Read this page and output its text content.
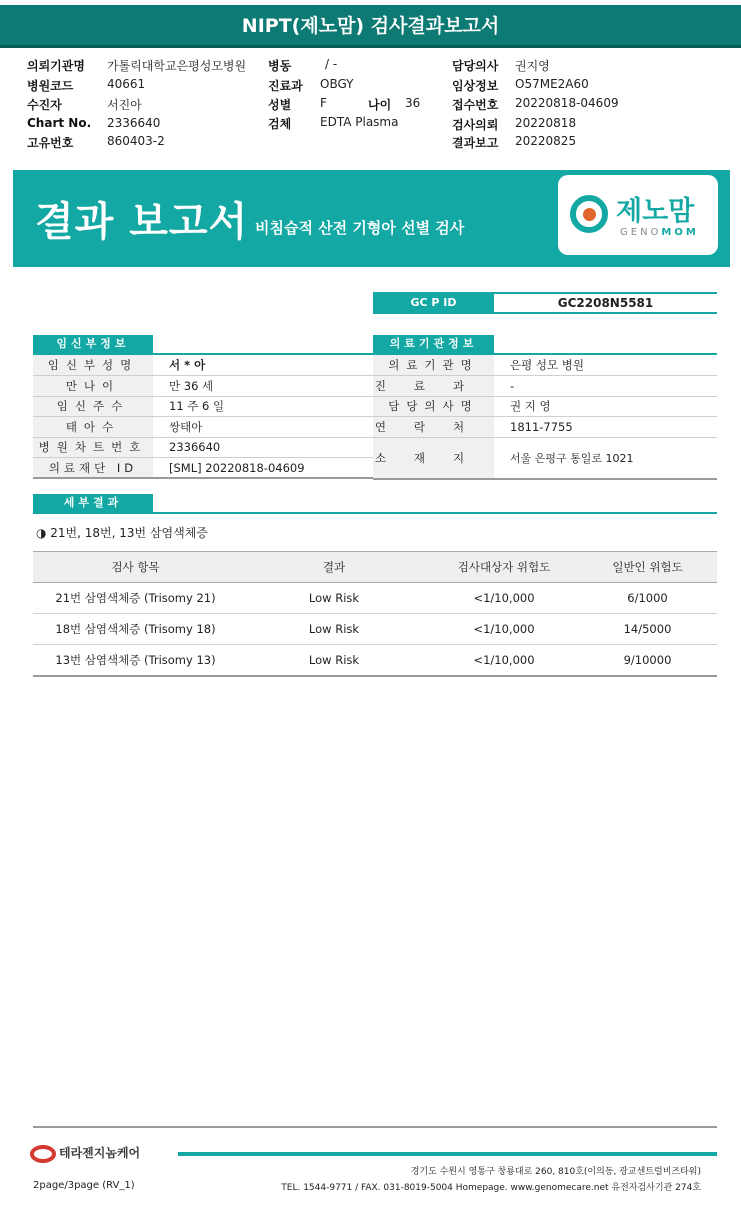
NIPT(제노맘) 검사결과보고서
의뢰기관명 가톨릭대학교은평성모병원
병원코드	40661
수진자	서진아
Chart No. 2336640
고유번호	860403-2
병동	/ -
진료과 OBGY
성별 F	나이 36
검체 EDTA Plasma
담당의사 권지영
임상정보 O57ME2A60
접수번호 20220818-04609
검사의뢰 20220818
결과보고 20220825
결과 보고서 비침습적 산전 기형아 선별 검사
제노맘
GENOMOM
GC P ID	GC2208N5581
임신부정보
임신부성명	서 * 아
만나이	만 36 세
임신주수	11 주 6 일
태아수	쌍태아
병원차트번호	2336640
의료재단 ID	[SML] 20220818-04609
의료기관정보
의료기관명	은평 성모 병원
진료과	-
담당의사명	권 지 영
연락처	1811-7755
소재지	서울 은평구 통일로 1021
세부결과
◑ 21번, 18번, 13번 삼염색체증
검사 항목	결과	검사대상자 위험도	일반인 위험도
21번 삼염색체증 (Trisomy 21)	Low Risk	<1/10,000	6/1000
18번 삼염색체증 (Trisomy 18)	Low Risk	<1/10,000	14/5000
13번 삼염색체증 (Trisomy 13)	Low Risk	<1/10,000	9/10000
테라젠지놈케어
경기도 수원시 영통구 창룡대로 260, 810호(이의동, 광교센트럴비즈타워)
TEL. 1544-9771 / FAX. 031-8019-5004 Homepage. www.genomecare.net 유전자검사기관 274호
2page/3page (RV_1)
